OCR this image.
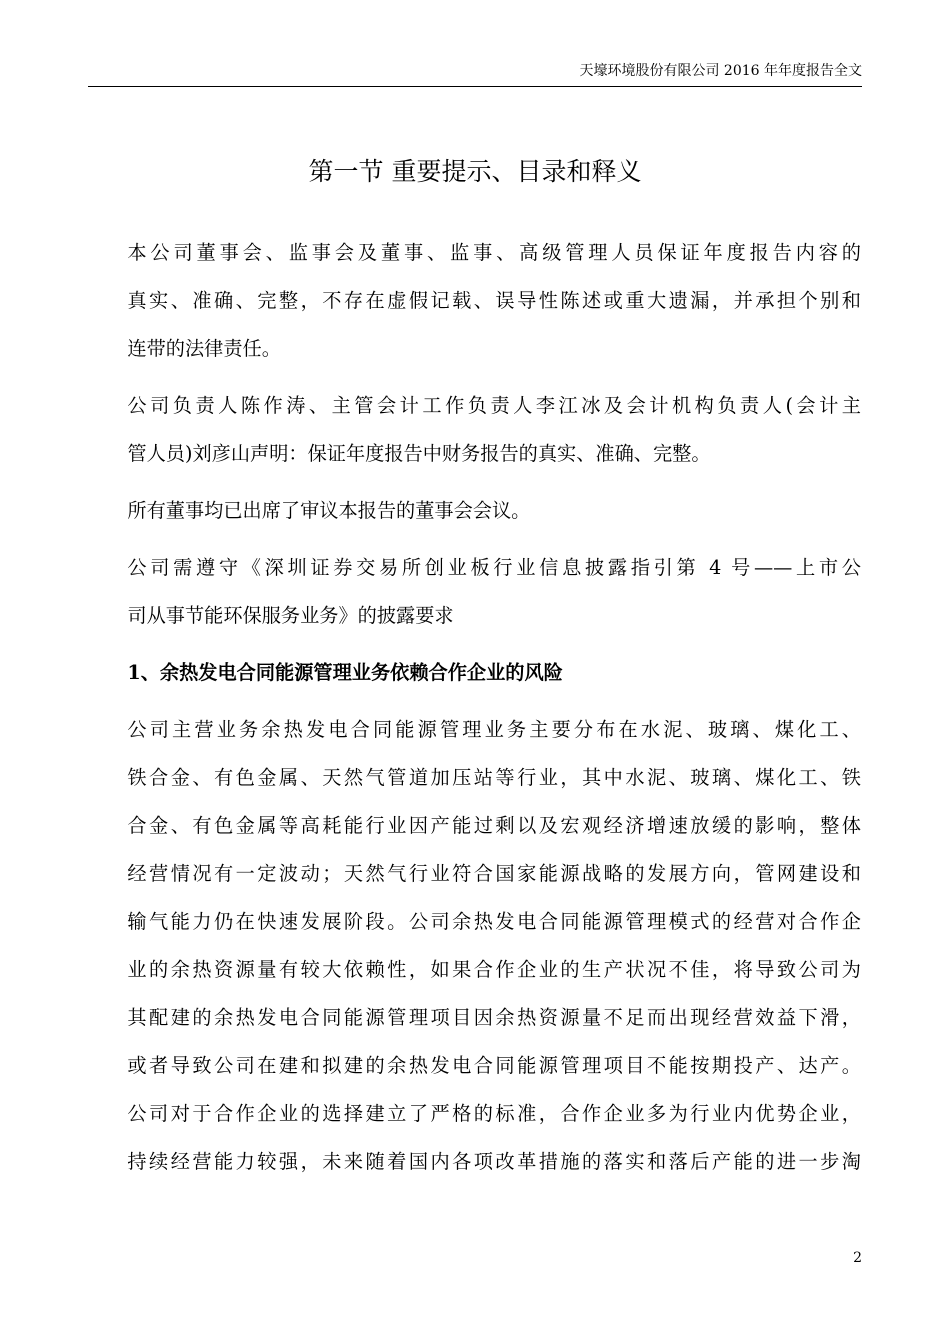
天壕环境股份有限公司 2016 年年度报告全文
第一节 重要提示、目录和释义
本公司董事会、监事会及董事、监事、高级管理人员保证年度报告内容的
真实、准确、完整，不存在虚假记载、误导性陈述或重大遗漏，并承担个别和
连带的法律责任。
公司负责人陈作涛、主管会计工作负责人李江冰及会计机构负责人(会计主
管人员)刘彦山声明：保证年度报告中财务报告的真实、准确、完整。
所有董事均已出席了审议本报告的董事会会议。
公司需遵守《深圳证券交易所创业板行业信息披露指引第 4 号——上市公
司从事节能环保服务业务》的披露要求
1、余热发电合同能源管理业务依赖合作企业的风险
公司主营业务余热发电合同能源管理业务主要分布在水泥、玻璃、煤化工、
铁合金、有色金属、天然气管道加压站等行业，其中水泥、玻璃、煤化工、铁
合金、有色金属等高耗能行业因产能过剩以及宏观经济增速放缓的影响，整体
经营情况有一定波动；天然气行业符合国家能源战略的发展方向，管网建设和
输气能力仍在快速发展阶段。公司余热发电合同能源管理模式的经营对合作企
业的余热资源量有较大依赖性，如果合作企业的生产状况不佳，将导致公司为
其配建的余热发电合同能源管理项目因余热资源量不足而出现经营效益下滑，
或者导致公司在建和拟建的余热发电合同能源管理项目不能按期投产、达产。
公司对于合作企业的选择建立了严格的标准，合作企业多为行业内优势企业，
持续经营能力较强，未来随着国内各项改革措施的落实和落后产能的进一步淘
2
